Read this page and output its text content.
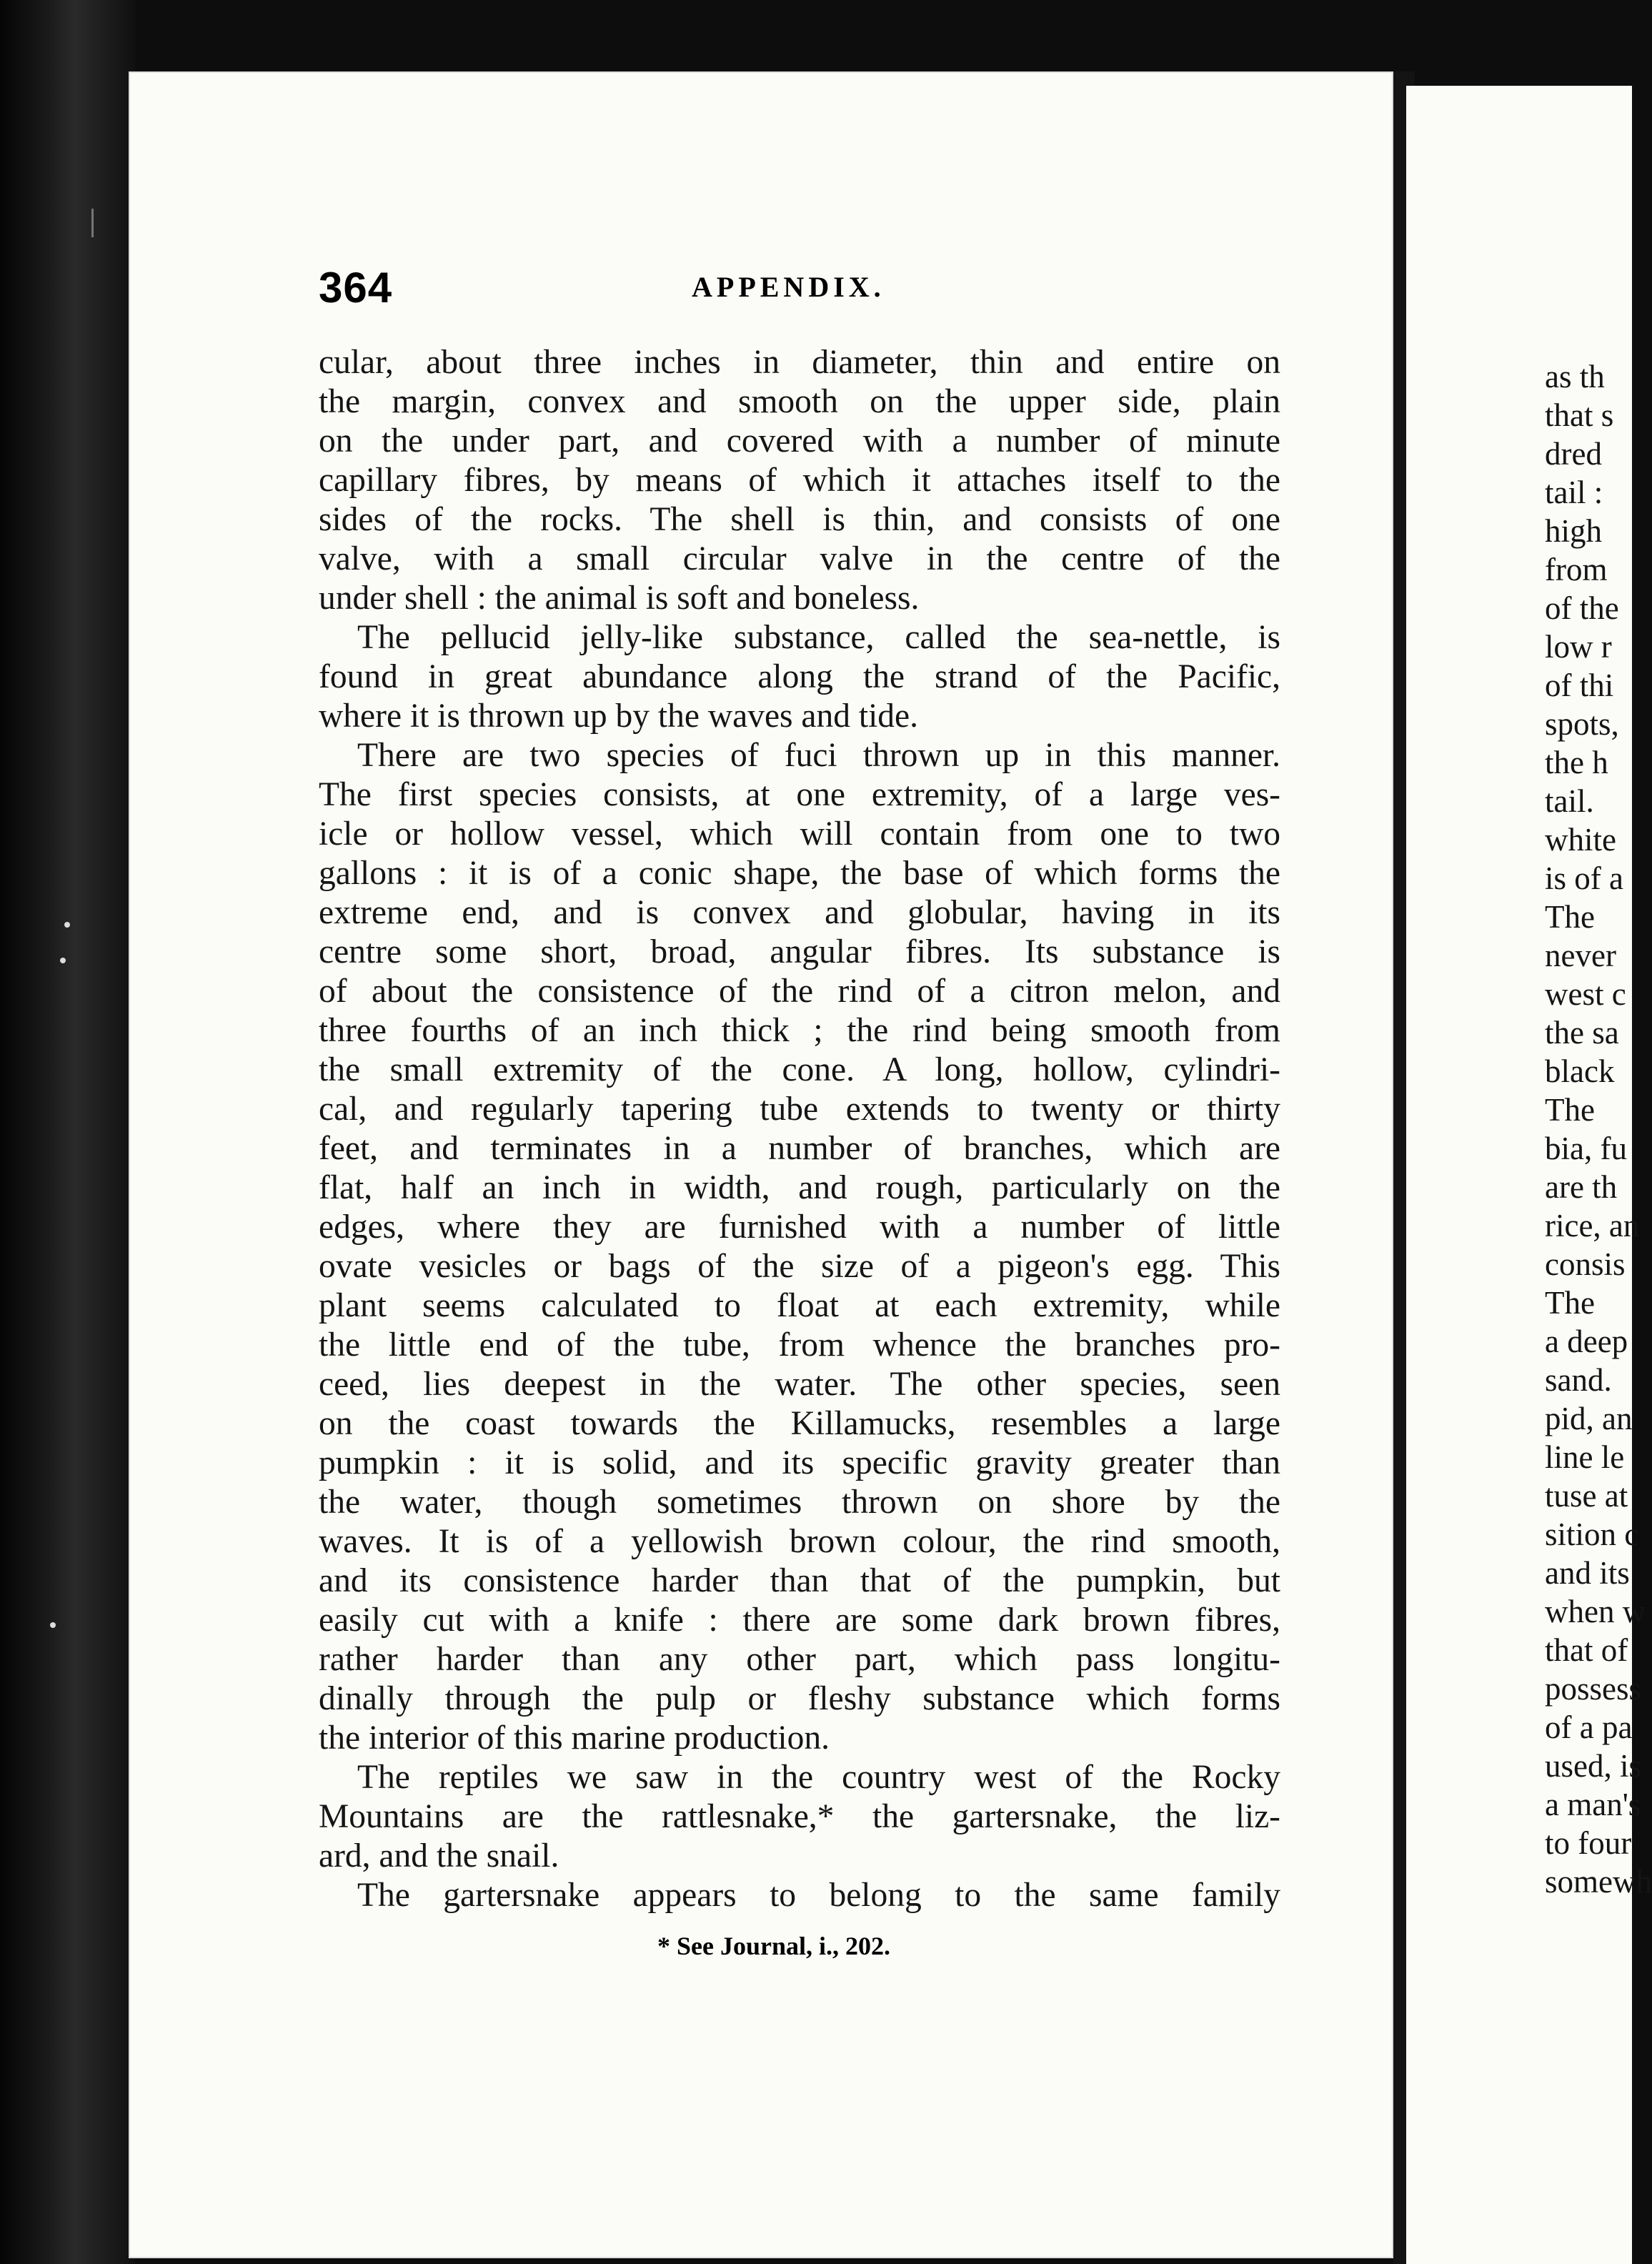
364	APPENDIX.

cular, about three inches in diameter, thin and entire on

the margin, convex and smooth on the upper side, plain

on the under part, and covered with a number of minute

capillary fibres, by means of which it attaches itself to the

sides of the rocks. The shell is thin, and consists of one

valve, with a small circular valve in the centre of the

under shell : the animal is soft and boneless.

The pellucid jelly-like substance, called the sea-nettle, is

found in great abundance along the strand of the Pacific,

where it is thrown up by the waves and tide.

There are two species of fuci thrown up in this manner.

The first species consists, at one extremity, of a large ves-

icle or hollow vessel, which will contain from one to two

gallons : it is of a conic shape, the base of which forms the

extreme end, and is convex and globular, having in its

centre some short, broad, angular fibres. Its substance is

of about the consistence of the rind of a citron melon, and

three fourths of an inch thick ; the rind being smooth from

the small extremity of the cone. A long, hollow, cylindri-

cal, and regularly tapering tube extends to twenty or thirty

feet, and terminates in a number of branches, which are

flat, half an inch in width, and rough, particularly on the

edges, where they are furnished with a number of little

ovate vesicles or bags of the size of a pigeon's egg. This

plant seems calculated to float at each extremity, while

the little end of the tube, from whence the branches pro-

ceed, lies deepest in the water. The other species, seen

on the coast towards the Killamucks, resembles a large

pumpkin : it is solid, and its specific gravity greater than

the water, though sometimes thrown on shore by the

waves. It is of a yellowish brown colour, the rind smooth,

and its consistence harder than that of the pumpkin, but

easily cut with a knife : there are some dark brown fibres,

rather harder than any other part, which pass longitu-

dinally through the pulp or fleshy substance which forms

the interior of this marine production.

The reptiles we saw in the country west of the Rocky

Mountains are the rattlesnake,* the gartersnake, the liz-

ard, and the snail.

The gartersnake appears to belong to the same family

* See Journal, i., 202.
as th
that s
dred
tail :
high
from
of the
low r
of thi
spots,
the h
tail.
white
is of a
The
never
west c
the sa
black
The
bia, fu
are th
rice, an
consis
The
a deep
sand.
pid, an
line le
tuse at
sition c
and its
when w
that of
possess
of a pa
used, is
a man's
to four
somewh
